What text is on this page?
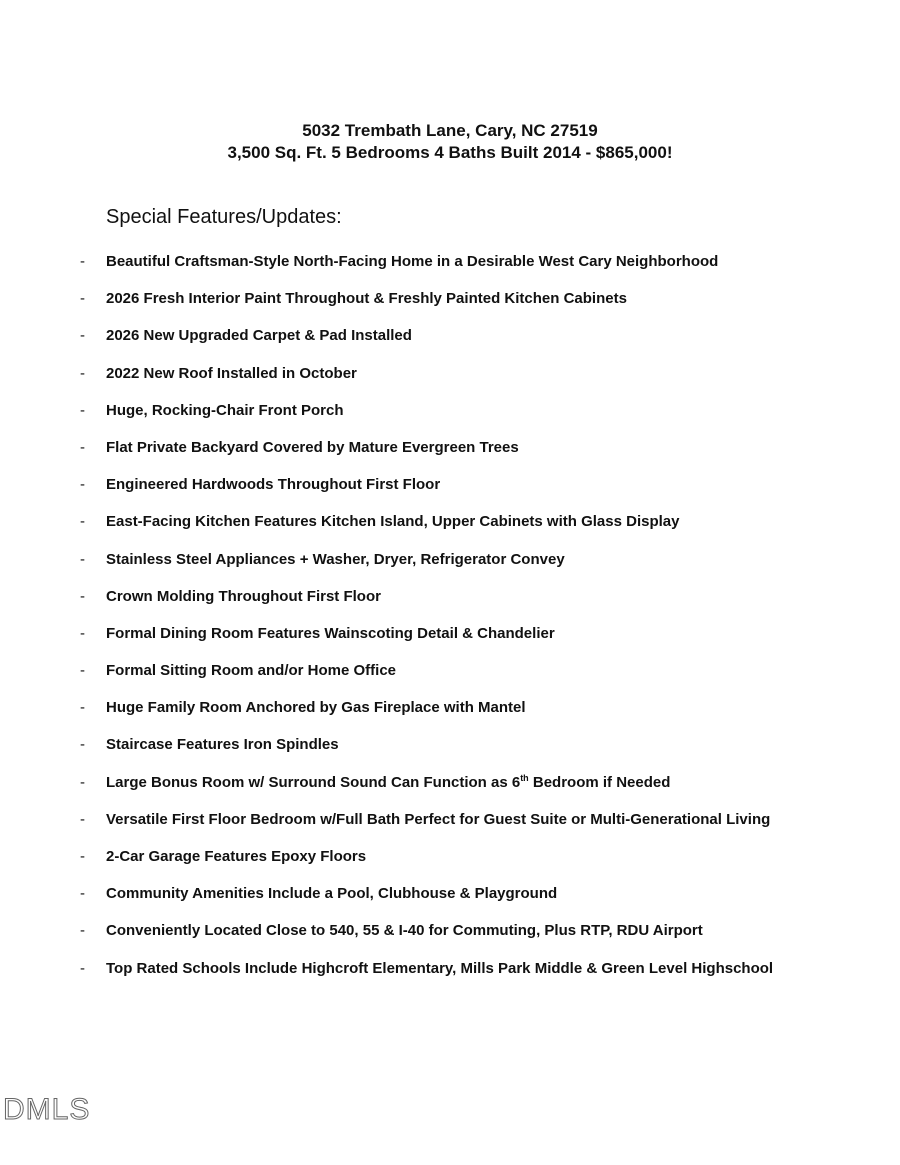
5032 Trembath Lane, Cary, NC 27519
3,500 Sq. Ft. 5 Bedrooms 4 Baths Built 2014 - $865,000!
Special Features/Updates:
- Beautiful Craftsman-Style North-Facing Home in a Desirable West Cary Neighborhood
- 2026 Fresh Interior Paint Throughout & Freshly Painted Kitchen Cabinets
- 2026 New Upgraded Carpet & Pad Installed
- 2022 New Roof Installed in October
- Huge, Rocking-Chair Front Porch
- Flat Private Backyard Covered by Mature Evergreen Trees
- Engineered Hardwoods Throughout First Floor
- East-Facing Kitchen Features Kitchen Island, Upper Cabinets with Glass Display
- Stainless Steel Appliances + Washer, Dryer, Refrigerator Convey
- Crown Molding Throughout First Floor
- Formal Dining Room Features Wainscoting Detail & Chandelier
- Formal Sitting Room and/or Home Office
- Huge Family Room Anchored by Gas Fireplace with Mantel
- Staircase Features Iron Spindles
- Large Bonus Room w/ Surround Sound Can Function as 6th Bedroom if Needed
- Versatile First Floor Bedroom w/Full Bath Perfect for Guest Suite or Multi-Generational Living
- 2-Car Garage Features Epoxy Floors
- Community Amenities Include a Pool, Clubhouse & Playground
- Conveniently Located Close to 540, 55 & I-40 for Commuting, Plus RTP, RDU Airport
- Top Rated Schools Include Highcroft Elementary, Mills Park Middle & Green Level Highschool
DMLS
